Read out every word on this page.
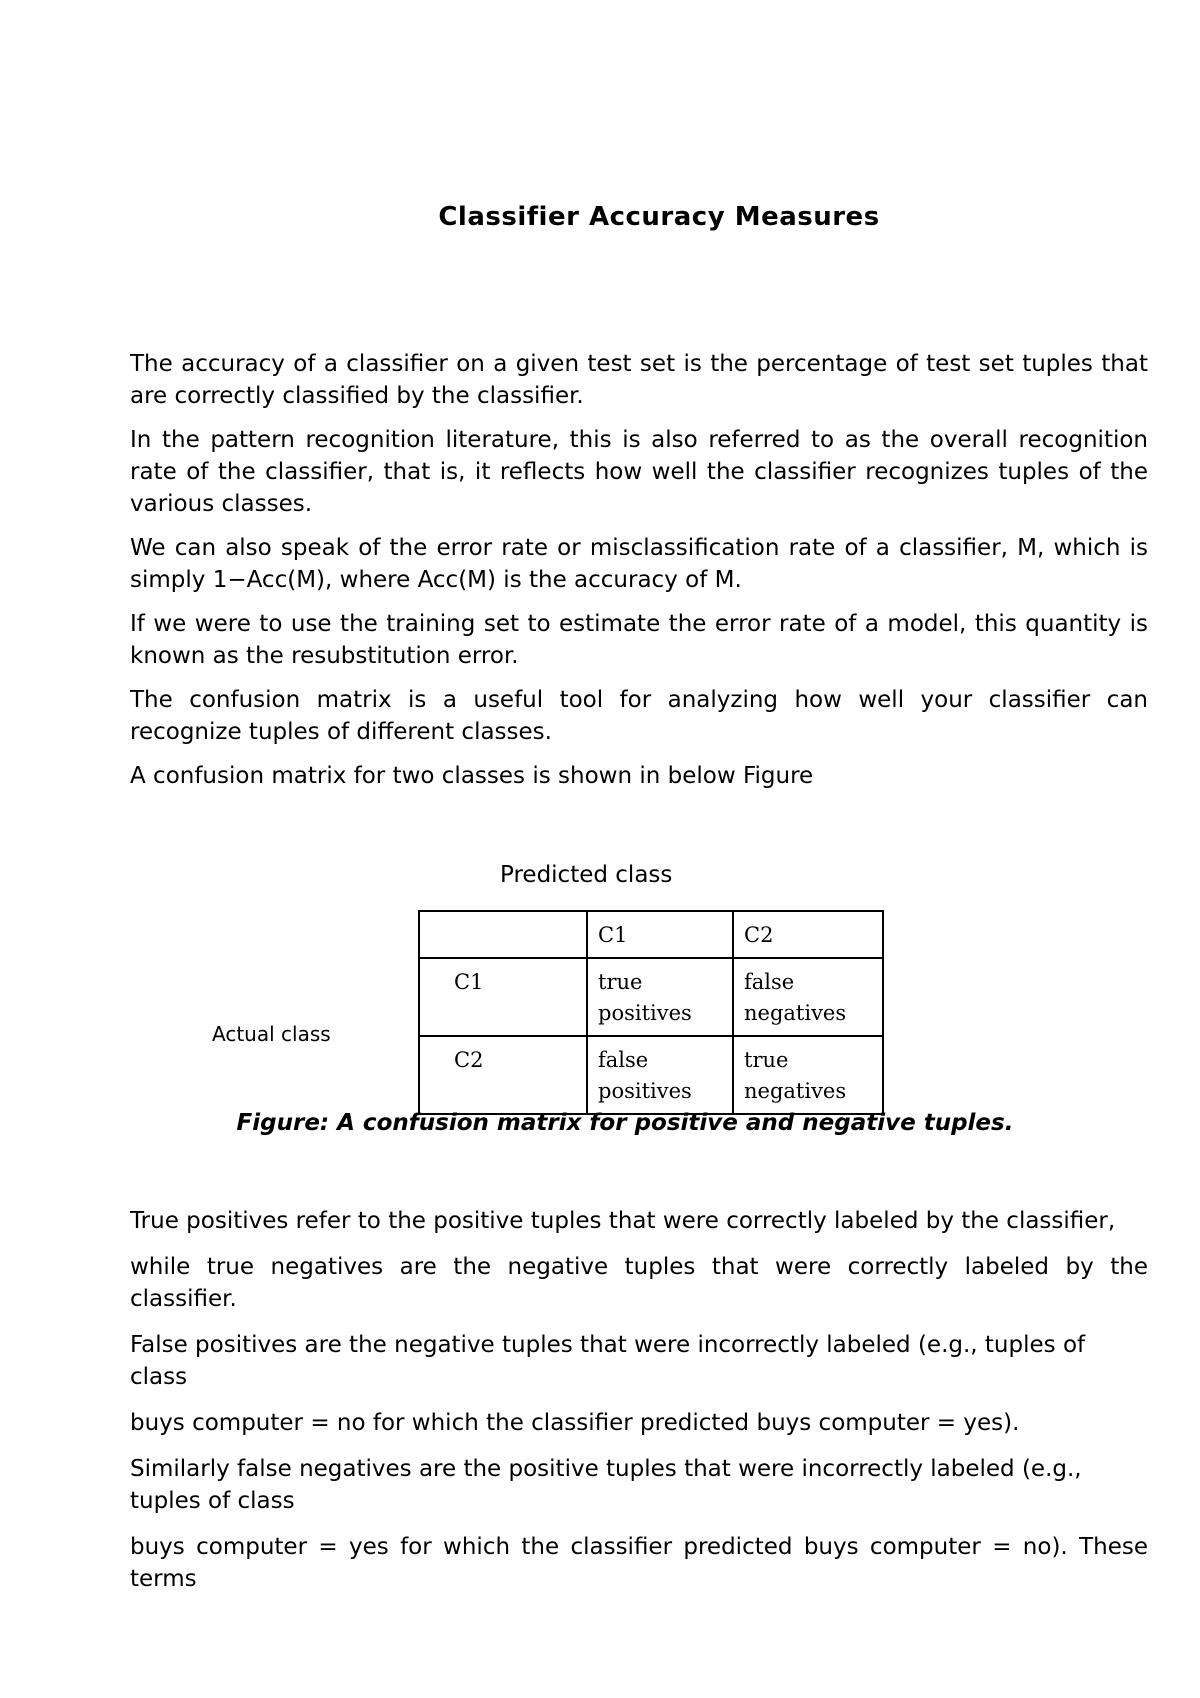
Classifier Accuracy Measures

The accuracy of a classifier on a given test set is the percentage of test set tuples that are correctly classified by the classifier.

In the pattern recognition literature, this is also referred to as the overall recognition rate of the classifier, that is, it reflects how well the classifier recognizes tuples of the various classes.

We can also speak of the error rate or misclassification rate of a classifier, M, which is simply 1−Acc(M), where Acc(M) is the accuracy of M.

If we were to use the training set to estimate the error rate of a model, this quantity is known as the resubstitution error.

The confusion matrix is a useful tool for analyzing how well your classifier can recognize tuples of different classes.

A confusion matrix for two classes is shown in below Figure

Predicted class
Actual class
	C1	C2
C1	true positives	false negatives
C2	false positives	true negatives
Figure: A confusion matrix for positive and negative tuples.

True positives refer to the positive tuples that were correctly labeled by the classifier,

while true negatives are the negative tuples that were correctly labeled by the classifier.

False positives are the negative tuples that were incorrectly labeled (e.g., tuples of class

buys computer = no for which the classifier predicted buys computer = yes).

Similarly false negatives are the positive tuples that were incorrectly labeled (e.g., tuples of class

buys computer = yes for which the classifier predicted buys computer = no). These terms
